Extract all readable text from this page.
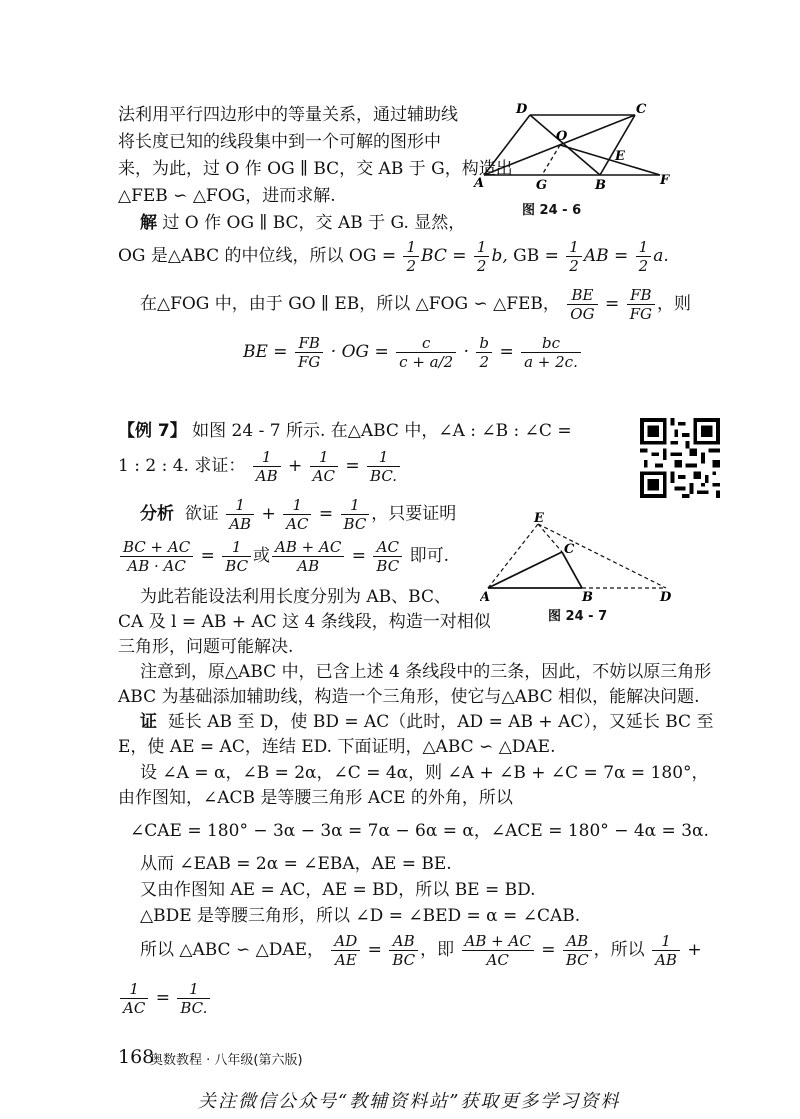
法利用平行四边形中的等量关系，通过辅助线
将长度已知的线段集中到一个可解的图形中
来，为此，过 O 作 OG ∥ BC，交 AB 于 G，构造出
△FEB ∽ △FOG，进而求解.
解 过 O 作 OG ∥ BC，交 AB 于 G. 显然，
OG 是△ABC 的中位线，所以 OG = $\frac{1}{2}$ BC = $\frac{1}{2} b$, GB = $\frac{1}{2}$ AB = $\frac{1}{2} a$.
在△FOG 中，由于 GO ∥ EB，所以 △FOG ∽ △FEB， $\frac{BE}{OG} = \frac{FB}{FG}$ ，则
BE = $\frac{FB}{FG}$ · OG = $\frac{c}{c + a/2} \cdot \frac{b}{2} = \frac{bc}{a + 2c.}$
【例 7】 如图 24 - 7 所示. 在△ABC 中，∠A : ∠B : ∠C =
1 : 2 : 4. 求证： $\frac{1}{AB} + \frac{1}{AC} = \frac{1}{BC.}$
分析 欲证 $\frac{1}{AB} + \frac{1}{AC} = \frac{1}{BC}$ ，只要证明
$\frac{BC + AC}{AB \cdot AC} = \frac{1}{BC}$ 或 $\frac{AB + AC}{AB} = \frac{AC}{BC}$ 即可.
为此若能设法利用长度分别为 AB、BC、
CA 及 l = AB + AC 这 4 条线段，构造一对相似
三角形，问题可能解决.
注意到，原△ABC 中，已含上述 4 条线段中的三条，因此，不妨以原三角形
ABC 为基础添加辅助线，构造一个三角形，使它与△ABC 相似，能解决问题.
证 延长 AB 至 D，使 BD = AC（此时，AD = AB + AC），又延长 BC 至
E，使 AE = AC，连结 ED. 下面证明，△ABC ∽ △DAE.
设 ∠A = α，∠B = 2α，∠C = 4α，则 ∠A + ∠B + ∠C = 7α = 180°，
由作图知，∠ACB 是等腰三角形 ACE 的外角，所以
∠CAE = 180° − 3α − 3α = 7α − 6α = α，∠ACE = 180° − 4α = 3α.
从而 ∠EAB = 2α = ∠EBA，AE = BE.
又由作图知 AE = AC，AE = BD，所以 BE = BD.
△BDE 是等腰三角形，所以 ∠D = ∠BED = α = ∠CAB.
所以 △ABC ∽ △DAE， $\frac{AD}{AE} = \frac{AB}{BC}$ ，即 $\frac{AB + AC}{AC} = \frac{AB}{BC}$ ，所以 $\frac{1}{AB}$ +
$\frac{1}{AC} = \frac{1}{BC.}$
D	C
O
E
A	G	B	F
图 24 - 6
E
C
A	B	D
图 24 - 7
168
奥数教程 · 八年级(第六版)
关注微信公众号“教辅资料站”获取更多学习资料
